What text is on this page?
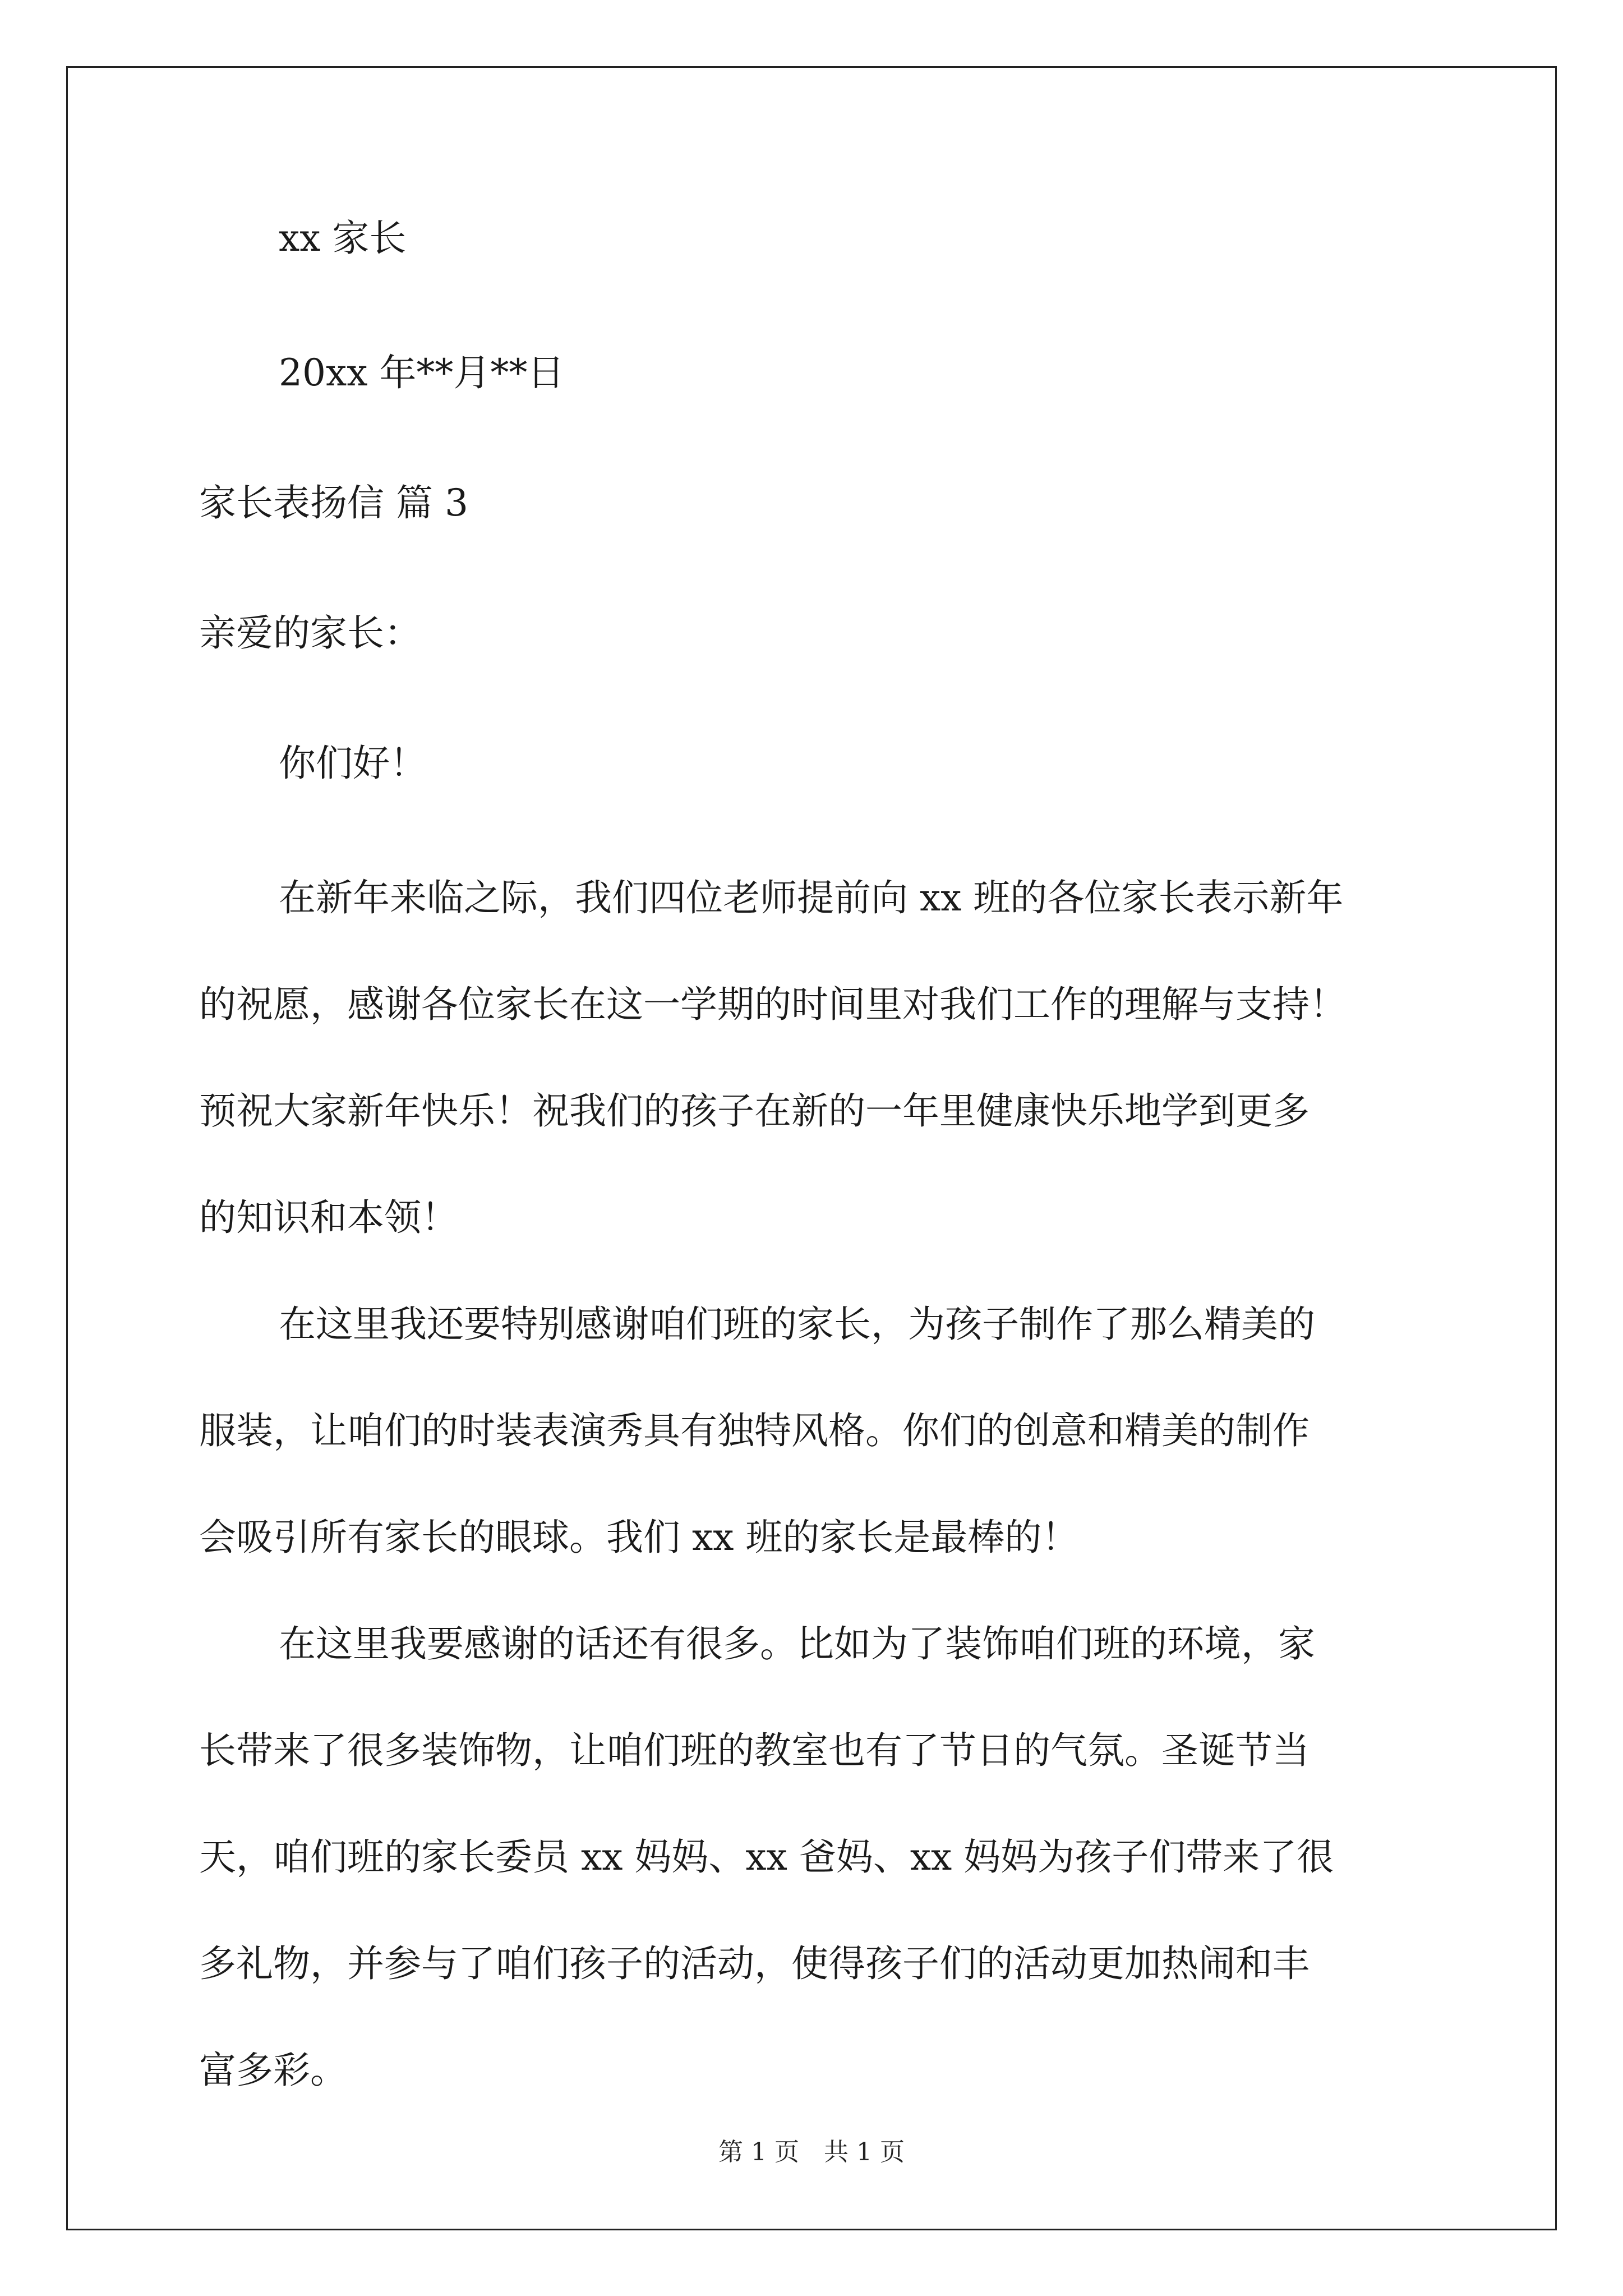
xx 家长

20xx 年**月**日

家长表扬信 篇 3

亲爱的家长：

你们好！

在新年来临之际，我们四位老师提前向 xx 班的各位家长表示新年
的祝愿，感谢各位家长在这一学期的时间里对我们工作的理解与支持！
预祝大家新年快乐！祝我们的孩子在新的一年里健康快乐地学到更多
的知识和本领！

在这里我还要特别感谢咱们班的家长，为孩子制作了那么精美的
服装，让咱们的时装表演秀具有独特风格。你们的创意和精美的制作
会吸引所有家长的眼球。我们 xx 班的家长是最棒的！

在这里我要感谢的话还有很多。比如为了装饰咱们班的环境，家
长带来了很多装饰物，让咱们班的教室也有了节日的气氛。圣诞节当
天，咱们班的家长委员 xx 妈妈、xx 爸妈、xx 妈妈为孩子们带来了很
多礼物，并参与了咱们孩子的活动，使得孩子们的活动更加热闹和丰
富多彩。

第 1 页　共 1 页
